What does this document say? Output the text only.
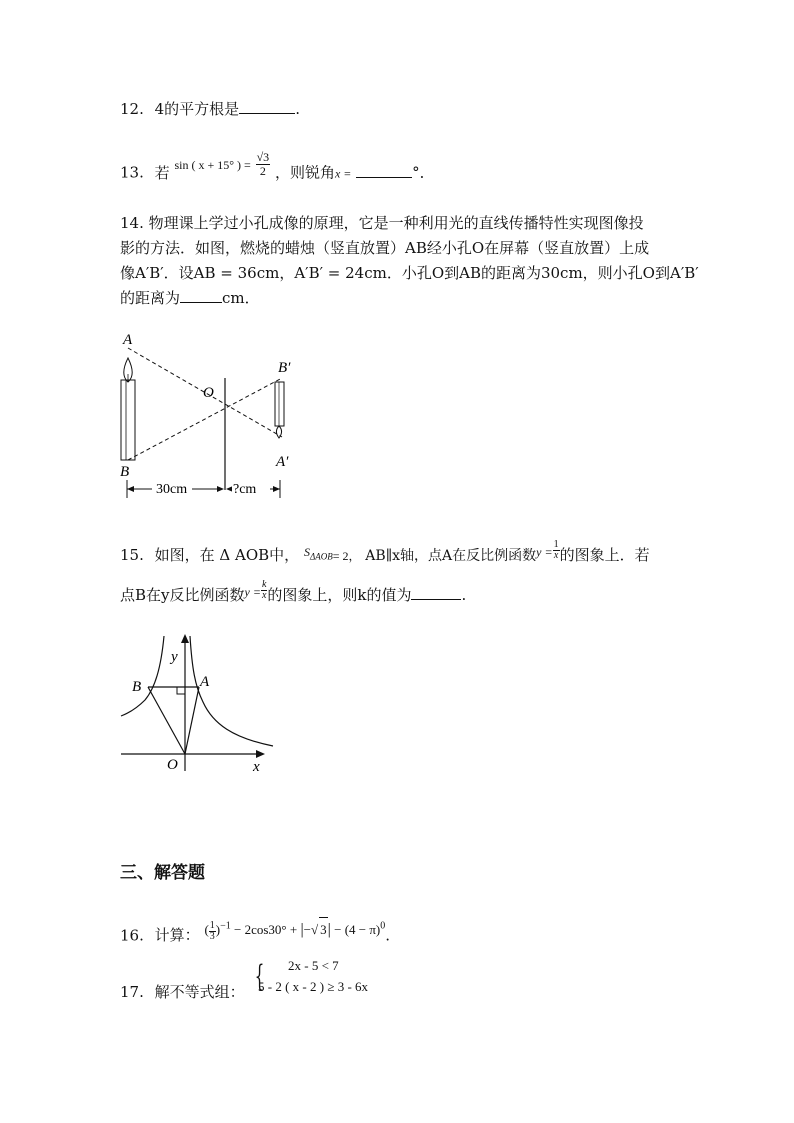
12. 4的平方根是	.
13. 若 $^{sin ( x + 15^\circ ) =} \frac{√3}{2}$ ，则锐角x =	°．
14. 物理课上学过小孔成像的原理，它是一种利用光的直线传播特性实现图像投
影的方法．如图，燃烧的蜡烛（竖直放置）AB经小孔O在屏幕（竖直放置）上成
像A′B′．设AB = 36cm，A′B′ = 24cm．小孔O到AB的距离为30cm，则小孔O到A′B′
的距离为	cm．
A
B
O
B′
A′
30cm	?cm
15. 如图，在 Δ AOB中， $^{S_{\Delta AOB}}$= 2， AB∥x轴，点A在反比例函数$^{y =} \frac{1}{x}$ 的图象上．若
点B在y反比例函数$^{y =} \frac{k}{x}$ 的图象上，则k的值为	.
y
x
O
A
B
三、解答题
16. 计算： ( $\frac{1}{3} )^{-1} - 2\cos 30^\circ$ + |−√ $3| - (4 - \pi)^0$.
17. 解不等式组： { 2x - 5 < 7
5 - 2 ( x - 2 ) ≥ 3 - 6x
